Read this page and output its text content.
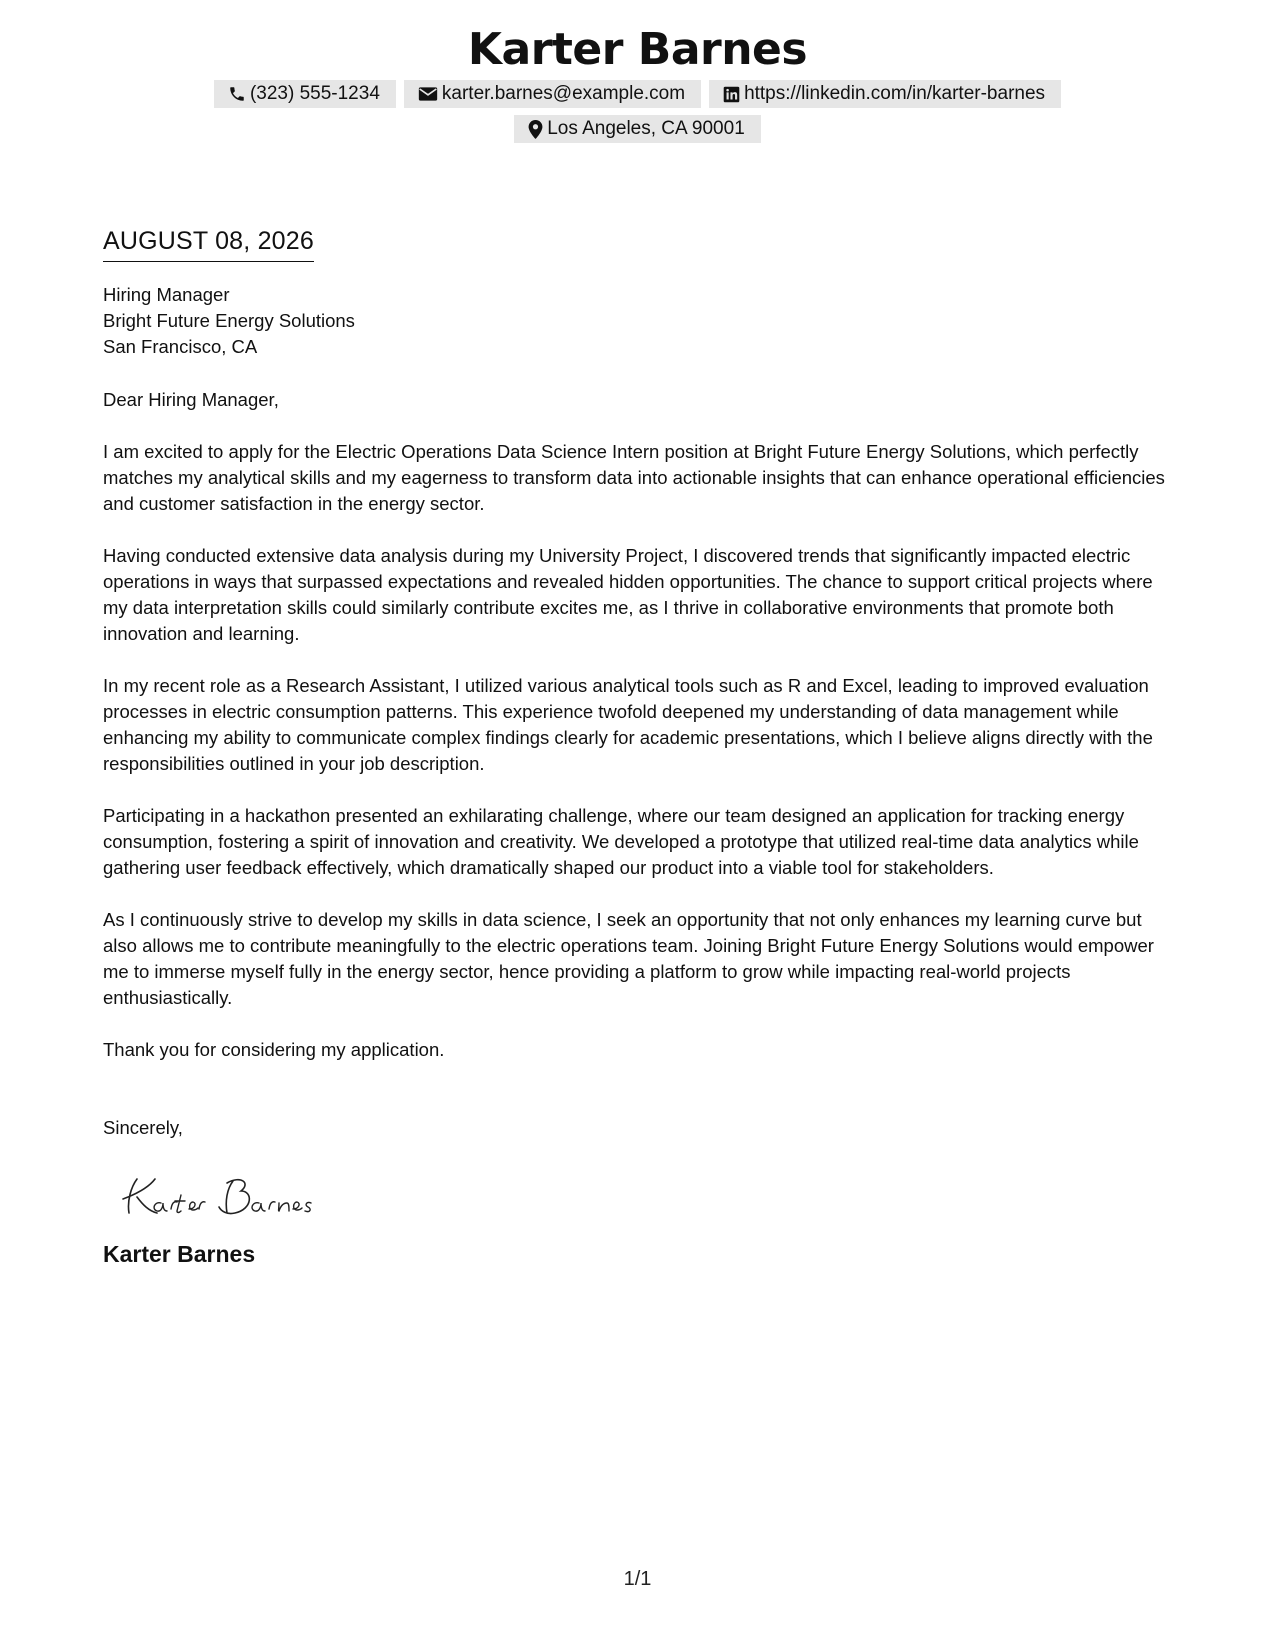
Karter Barnes
(323) 555-1234	karter.barnes@example.com	https://linkedin.com/in/karter-barnes
Los Angeles, CA 90001
AUGUST 08, 2026
Hiring Manager
Bright Future Energy Solutions
San Francisco, CA
Dear Hiring Manager,
I am excited to apply for the Electric Operations Data Science Intern position at Bright Future Energy Solutions, which perfectly matches my analytical skills and my eagerness to transform data into actionable insights that can enhance operational efficiencies and customer satisfaction in the energy sector.
Having conducted extensive data analysis during my University Project, I discovered trends that significantly impacted electric operations in ways that surpassed expectations and revealed hidden opportunities. The chance to support critical projects where my data interpretation skills could similarly contribute excites me, as I thrive in collaborative environments that promote both innovation and learning.
In my recent role as a Research Assistant, I utilized various analytical tools such as R and Excel, leading to improved evaluation processes in electric consumption patterns. This experience twofold deepened my understanding of data management while enhancing my ability to communicate complex findings clearly for academic presentations, which I believe aligns directly with the responsibilities outlined in your job description.
Participating in a hackathon presented an exhilarating challenge, where our team designed an application for tracking energy consumption, fostering a spirit of innovation and creativity. We developed a prototype that utilized real-time data analytics while gathering user feedback effectively, which dramatically shaped our product into a viable tool for stakeholders.
As I continuously strive to develop my skills in data science, I seek an opportunity that not only enhances my learning curve but also allows me to contribute meaningfully to the electric operations team. Joining Bright Future Energy Solutions would empower me to immerse myself fully in the energy sector, hence providing a platform to grow while impacting real-world projects enthusiastically.
Thank you for considering my application.
Sincerely,
Karter Barnes
1/1
